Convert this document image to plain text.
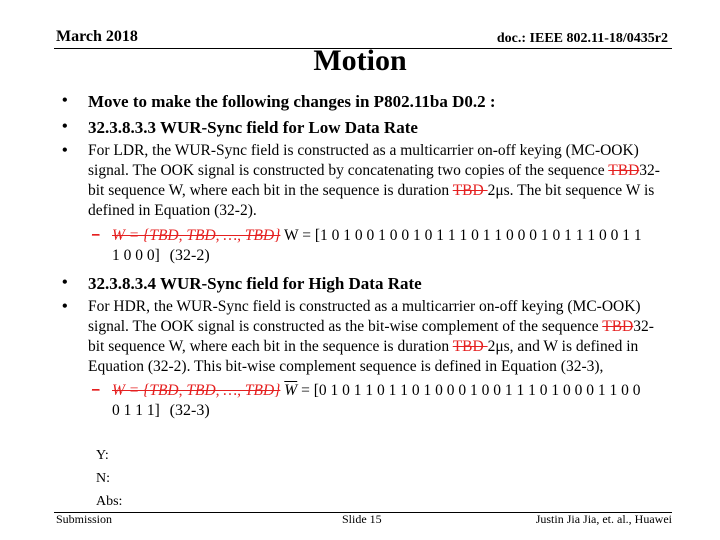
March 2018	doc.: IEEE 802.11-18/0435r2
Motion
• Move to make the following changes in P802.11ba D0.2 :
• 32.3.8.3.3 WUR-Sync field for Low Data Rate
• For LDR, the WUR-Sync field is constructed as a multicarrier on-off keying (MC-OOK)
signal. The OOK signal is constructed by concatenating two copies of the sequence TBD32-
bit sequence W, where each bit in the sequence is duration TBD 2μs. The bit sequence W is
defined in Equation (32-2).
– W = {TBD, TBD, …, TBD} W = [1 0 1 0 0 1 0 0 1 0 1 1 1 0 1 1 0 0 0 1 0 1 1 1 0 0 1 1
1 0 0 0] (32-2)
• 32.3.8.3.4 WUR-Sync field for High Data Rate
• For HDR, the WUR-Sync field is constructed as a multicarrier on-off keying (MC-OOK)
signal. The OOK signal is constructed as the bit-wise complement of the sequence TBD32-
bit sequence W, where each bit in the sequence is duration TBD 2μs, and W is defined in
Equation (32-2). This bit-wise complement sequence is defined in Equation (32-3),
– W = {TBD, TBD, …, TBD} $\overline{W} = [0$ 1 0 1 1 0 1 1 0 1 0 0 0 1 0 0 1 1 1 0 1 0 0 0 1 1 0 0
0 1 1 1] (32-3)
Y:
N:
Abs:
Submission	Slide 15	Justin Jia Jia, et. al., Huawei
